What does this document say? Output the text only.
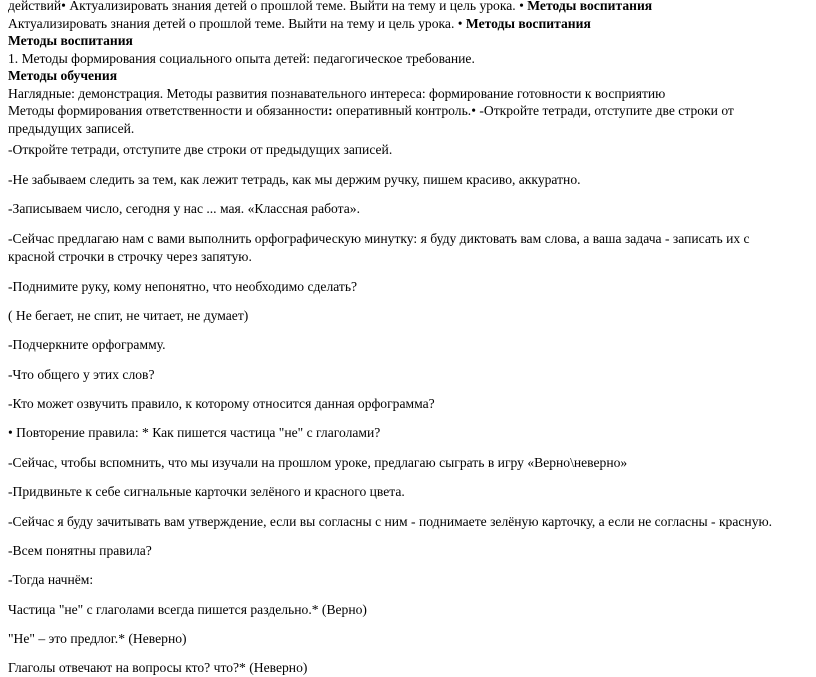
действий• Актуализировать знания детей о прошлой теме. Выйти на тему и цель урока. • Методы воспитания
Актуализировать знания детей о прошлой теме. Выйти на тему и цель урока. • Методы воспитания
Методы воспитания
1. Методы формирования социального опыта детей: педагогическое требование.
Методы обучения
Наглядные: демонстрация. Методы развития познавательного интереса: формирование готовности к восприятию
Методы формирования ответственности и обязанности: оперативный контроль.• -Откройте тетради, отступите две строки от
предыдущих записей.
-Откройте тетради, отступите две строки от предыдущих записей.
-Не забываем следить за тем, как лежит тетрадь, как мы держим ручку, пишем красиво, аккуратно.
-Записываем число, сегодня у нас ... мая. «Классная работа».
-Сейчас предлагаю нам с вами выполнить орфографическую минутку: я буду диктовать вам слова, а ваша задача - записать их с
красной строчки в строчку через запятую.
-Поднимите руку, кому непонятно, что необходимо сделать?
( Не бегает, не спит, не читает, не думает)
-Подчеркните орфограмму.
-Что общего у этих слов?
-Кто может озвучить правило, к которому относится данная орфограмма?
• Повторение правила: * Как пишется частица "не" с глаголами?
-Сейчас, чтобы вспомнить, что мы изучали на прошлом уроке, предлагаю сыграть в игру «Верно\неверно»
-Придвиньте к себе сигнальные карточки зелёного и красного цвета.
-Сейчас я буду зачитывать вам утверждение, если вы согласны с ним - поднимаете зелёную карточку, а если не согласны - красную.
-Всем понятны правила?
-Тогда начнём:
Частица "не" с глаголами всегда пишется раздельно.* (Верно)
"Не" – это предлог.* (Неверно)
Глаголы отвечают на вопросы кто? что?* (Неверно)
